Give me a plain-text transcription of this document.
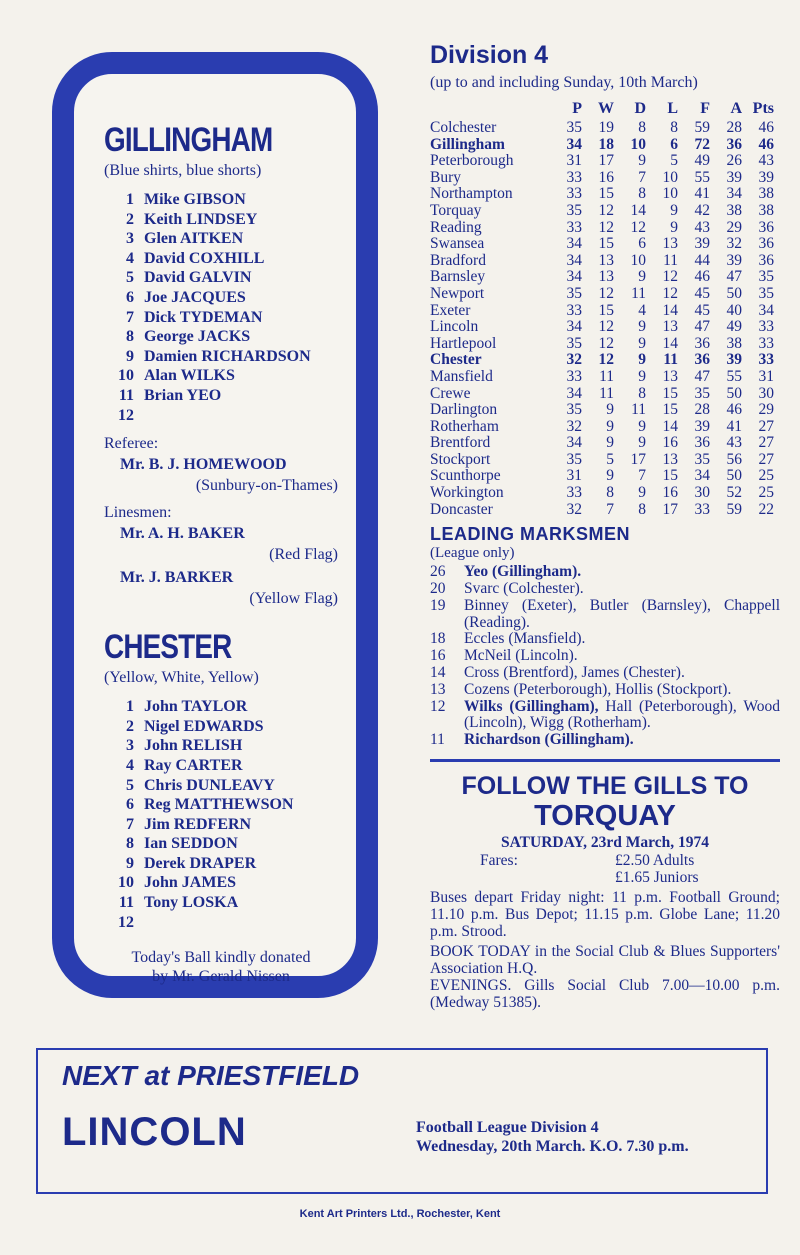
GILLINGHAM
(Blue shirts, blue shorts)
1 Mike GIBSON
2 Keith LINDSEY
3 Glen AITKEN
4 David COXHILL
5 David GALVIN
6 Joe JACQUES
7 Dick TYDEMAN
8 George JACKS
9 Damien RICHARDSON
10 Alan WILKS
11 Brian YEO
12
Referee:
Mr. B. J. HOMEWOOD
(Sunbury-on-Thames)
Linesmen:
Mr. A. H. BAKER
(Red Flag)
Mr. J. BARKER
(Yellow Flag)
CHESTER
(Yellow, White, Yellow)
1 John TAYLOR
2 Nigel EDWARDS
3 John RELISH
4 Ray CARTER
5 Chris DUNLEAVY
6 Reg MATTHEWSON
7 Jim REDFERN
8 Ian SEDDON
9 Derek DRAPER
10 John JAMES
11 Tony LOSKA
12
Today's Ball kindly donated
by Mr. Gerald Nissen
Division 4
(up to and including Sunday, 10th March)
	P	W	D	L	F	A	Pts
Colchester	35	19	8	8	59	28	46
Gillingham	34	18	10	6	72	36	46
Peterborough	31	17	9	5	49	26	43
Bury	33	16	7	10	55	39	39
Northampton	33	15	8	10	41	34	38
Torquay	35	12	14	9	42	38	38
Reading	33	12	12	9	43	29	36
Swansea	34	15	6	13	39	32	36
Bradford	34	13	10	11	44	39	36
Barnsley	34	13	9	12	46	47	35
Newport	35	12	11	12	45	50	35
Exeter	33	15	4	14	45	40	34
Lincoln	34	12	9	13	47	49	33
Hartlepool	35	12	9	14	36	38	33
Chester	32	12	9	11	36	39	33
Mansfield	33	11	9	13	47	55	31
Crewe	34	11	8	15	35	50	30
Darlington	35	9	11	15	28	46	29
Rotherham	32	9	9	14	39	41	27
Brentford	34	9	9	16	36	43	27
Stockport	35	5	17	13	35	56	27
Scunthorpe	31	9	7	15	34	50	25
Workington	33	8	9	16	30	52	25
Doncaster	32	7	8	17	33	59	22
LEADING MARKSMEN
(League only)
26	Yeo (Gillingham).
20	Svarc (Colchester).
19	Binney (Exeter), Butler (Barnsley), Chappell (Reading).
18	Eccles (Mansfield).
16	McNeil (Lincoln).
14	Cross (Brentford), James (Chester).
13	Cozens (Peterborough), Hollis (Stockport).
12	Wilks (Gillingham), Hall (Peterborough), Wood (Lincoln), Wigg (Rotherham).
11	Richardson (Gillingham).
FOLLOW THE GILLS TO
TORQUAY
SATURDAY, 23rd March, 1974
Fares:	£2.50 Adults
£1.65 Juniors
Buses depart Friday night: 11 p.m. Football Ground; 11.10 p.m. Bus Depot; 11.15 p.m. Globe Lane; 11.20 p.m. Strood.
BOOK TODAY in the Social Club & Blues Supporters' Association H.Q.
EVENINGS. Gills Social Club 7.00—10.00 p.m. (Medway 51385).
NEXT at PRIESTFIELD
LINCOLN	Football League Division 4
Wednesday, 20th March. K.O. 7.30 p.m.
Kent Art Printers Ltd., Rochester, Kent
